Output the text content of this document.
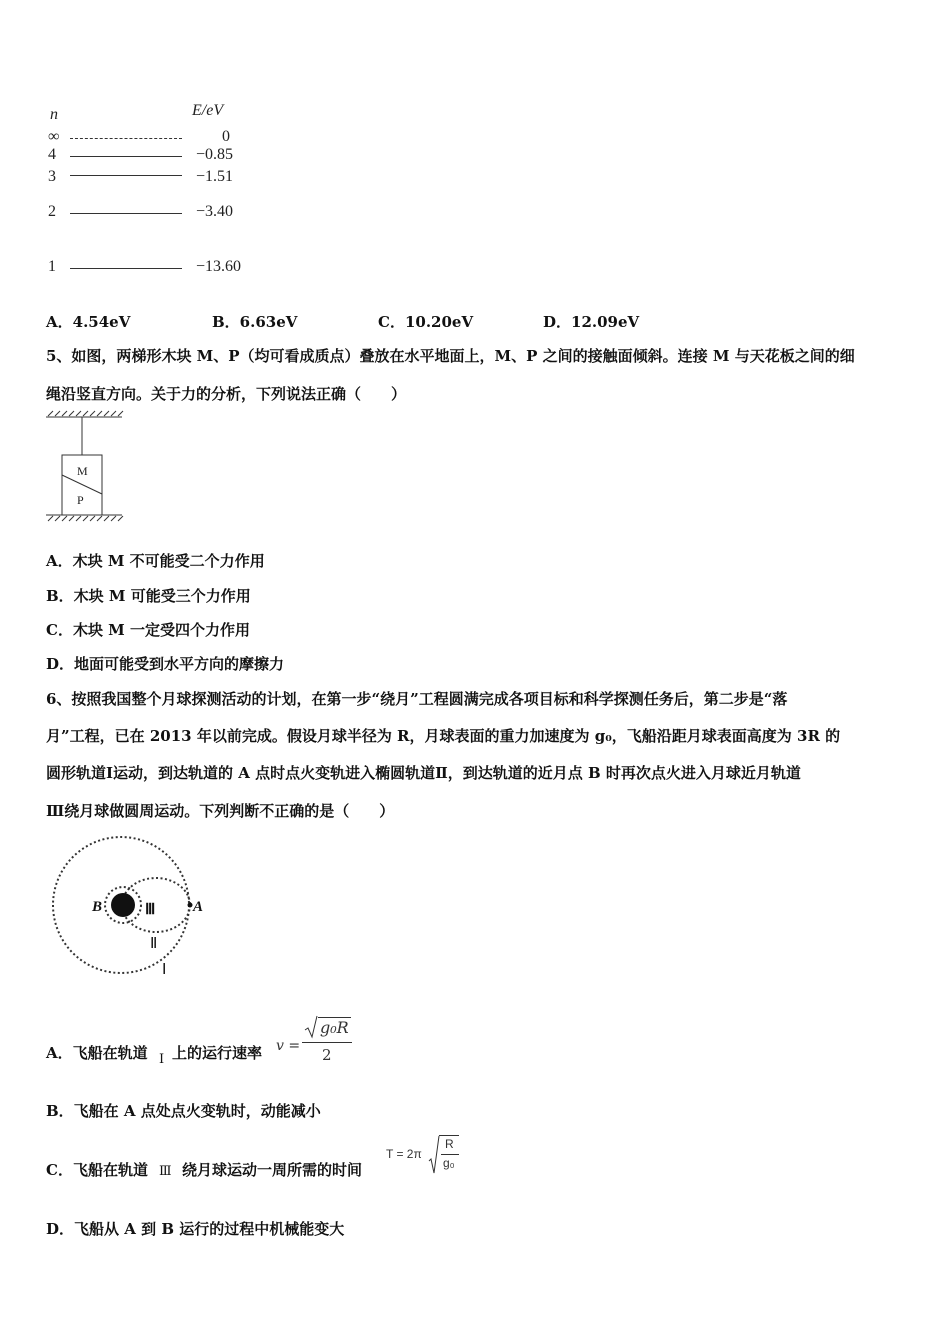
n	E/eV
∞	0
4	−0.85
3	−1.51
2	−3.40
1	−13.60
A．4.54eV	B．6.63eV	C．10.20eV	D．12.09eV
5、如图，两梯形木块 M、P（均可看成质点）叠放在水平地面上，M、P 之间的接触面倾斜。连接 M 与天花板之间的细
绳沿竖直方向。关于力的分析，下列说法正确（　　）
M
P
A．木块 M 不可能受二个力作用
B．木块 M 可能受三个力作用
C．木块 M 一定受四个力作用
D．地面可能受到水平方向的摩擦力
6、按照我国整个月球探测活动的计划，在第一步“绕月”工程圆满完成各项目标和科学探测任务后，第二步是“落
月”工程，已在 2013 年以前完成。假设月球半径为 R，月球表面的重力加速度为 g₀，飞船沿距月球表面高度为 3R 的
圆形轨道Ⅰ运动，到达轨道的 A 点时点火变轨进入椭圆轨道Ⅱ，到达轨道的近月点 B 时再次点火进入月球近月轨道
Ⅲ绕月球做圆周运动。下列判断不正确的是（　　）
B	A
Ⅲ
Ⅱ
Ⅰ
A．飞船在轨道 Ⅰ 上的运行速率 v =
g₀R
2
B．飞船在 A 点处点火变轨时，动能减小
C．飞船在轨道 Ⅲ 绕月球运动一周所需的时间
T = 2π
R
g₀
D．飞船从 A 到 B 运行的过程中机械能变大
